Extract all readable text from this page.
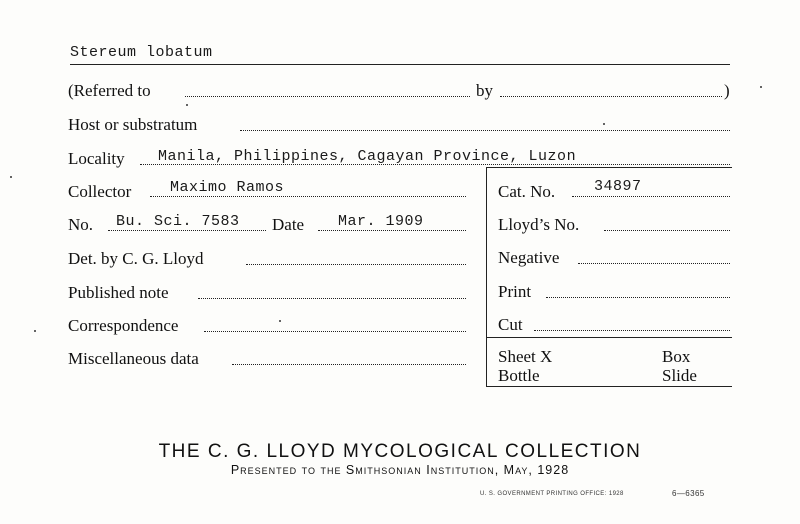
Stereum lobatum
(Referred to	by	)
Host or substratum
Locality Manila, Philippines, Cagayan Province, Luzon
Collector	Maximo Ramos	Cat. No.	34897
No. Bu. Sci. 7583 Date Mar. 1909	Lloyd’s No.
Det. by C. G. Lloyd	Negative
Published note	Print
Correspondence	Cut
Miscellaneous data	Sheet X	Box
Bottle	Slide
THE C. G. LLOYD MYCOLOGICAL COLLECTION
Presented to the Smithsonian Institution, May, 1928
U. S. GOVERNMENT PRINTING OFFICE: 1928	6—6365
